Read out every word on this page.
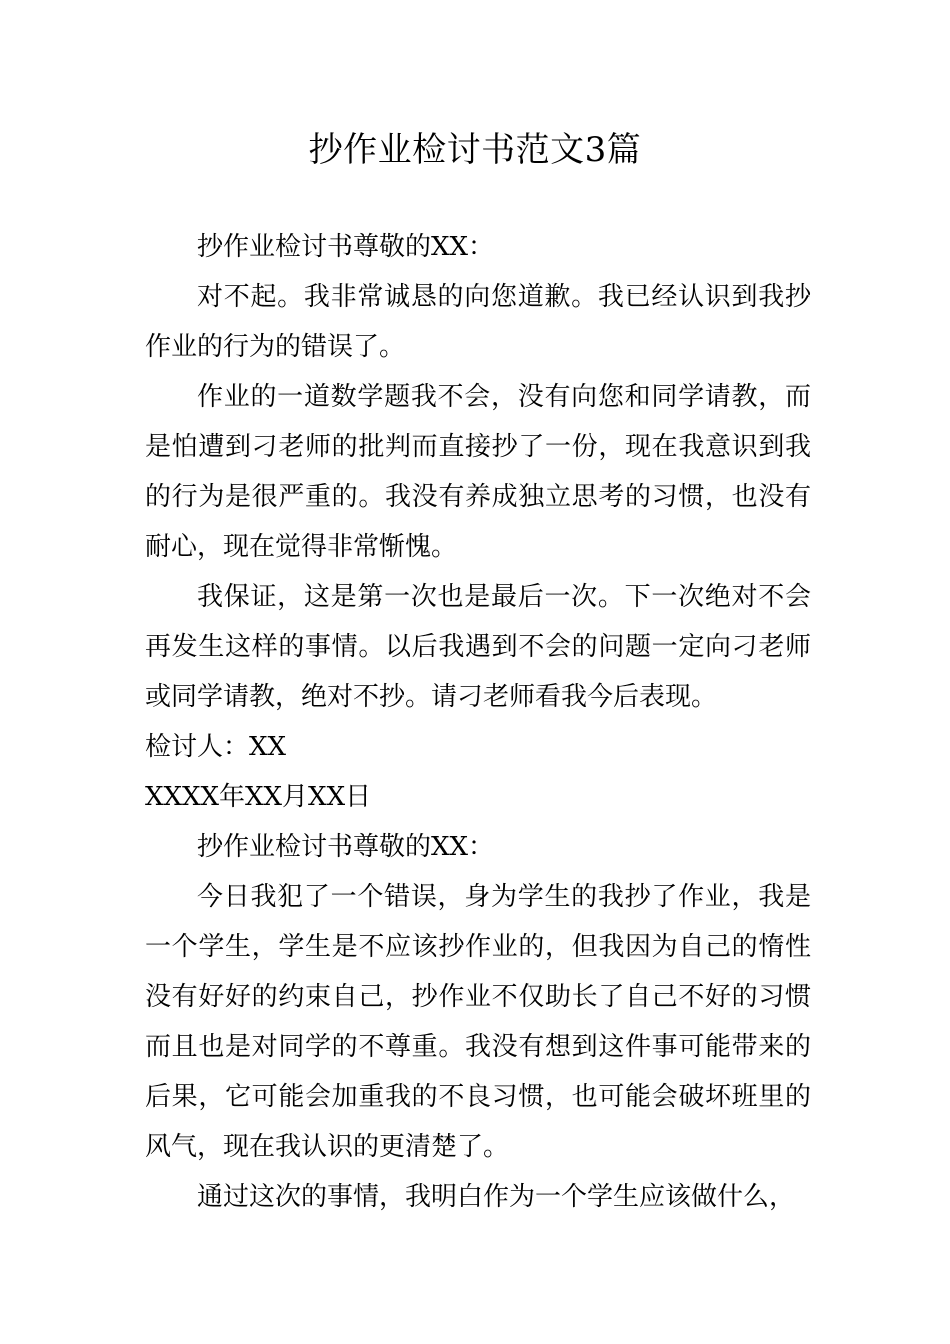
抄作业检讨书范文3篇

抄作业检讨书尊敬的XX：

对不起。我非常诚恳的向您道歉。我已经认识到我抄作业的行为的错误了。

作业的一道数学题我不会，没有向您和同学请教，而是怕遭到刁老师的批判而直接抄了一份，现在我意识到我的行为是很严重的。我没有养成独立思考的习惯，也没有耐心，现在觉得非常惭愧。

我保证，这是第一次也是最后一次。下一次绝对不会再发生这样的事情。以后我遇到不会的问题一定向刁老师或同学请教，绝对不抄。请刁老师看我今后表现。

检讨人：XX

XXXX年XX月XX日

抄作业检讨书尊敬的XX：

今日我犯了一个错误，身为学生的我抄了作业，我是一个学生，学生是不应该抄作业的，但我因为自己的惰性没有好好的约束自己，抄作业不仅助长了自己不好的习惯而且也是对同学的不尊重。我没有想到这件事可能带来的后果，它可能会加重我的不良习惯，也可能会破坏班里的风气，现在我认识的更清楚了。

通过这次的事情，我明白作为一个学生应该做什么，
